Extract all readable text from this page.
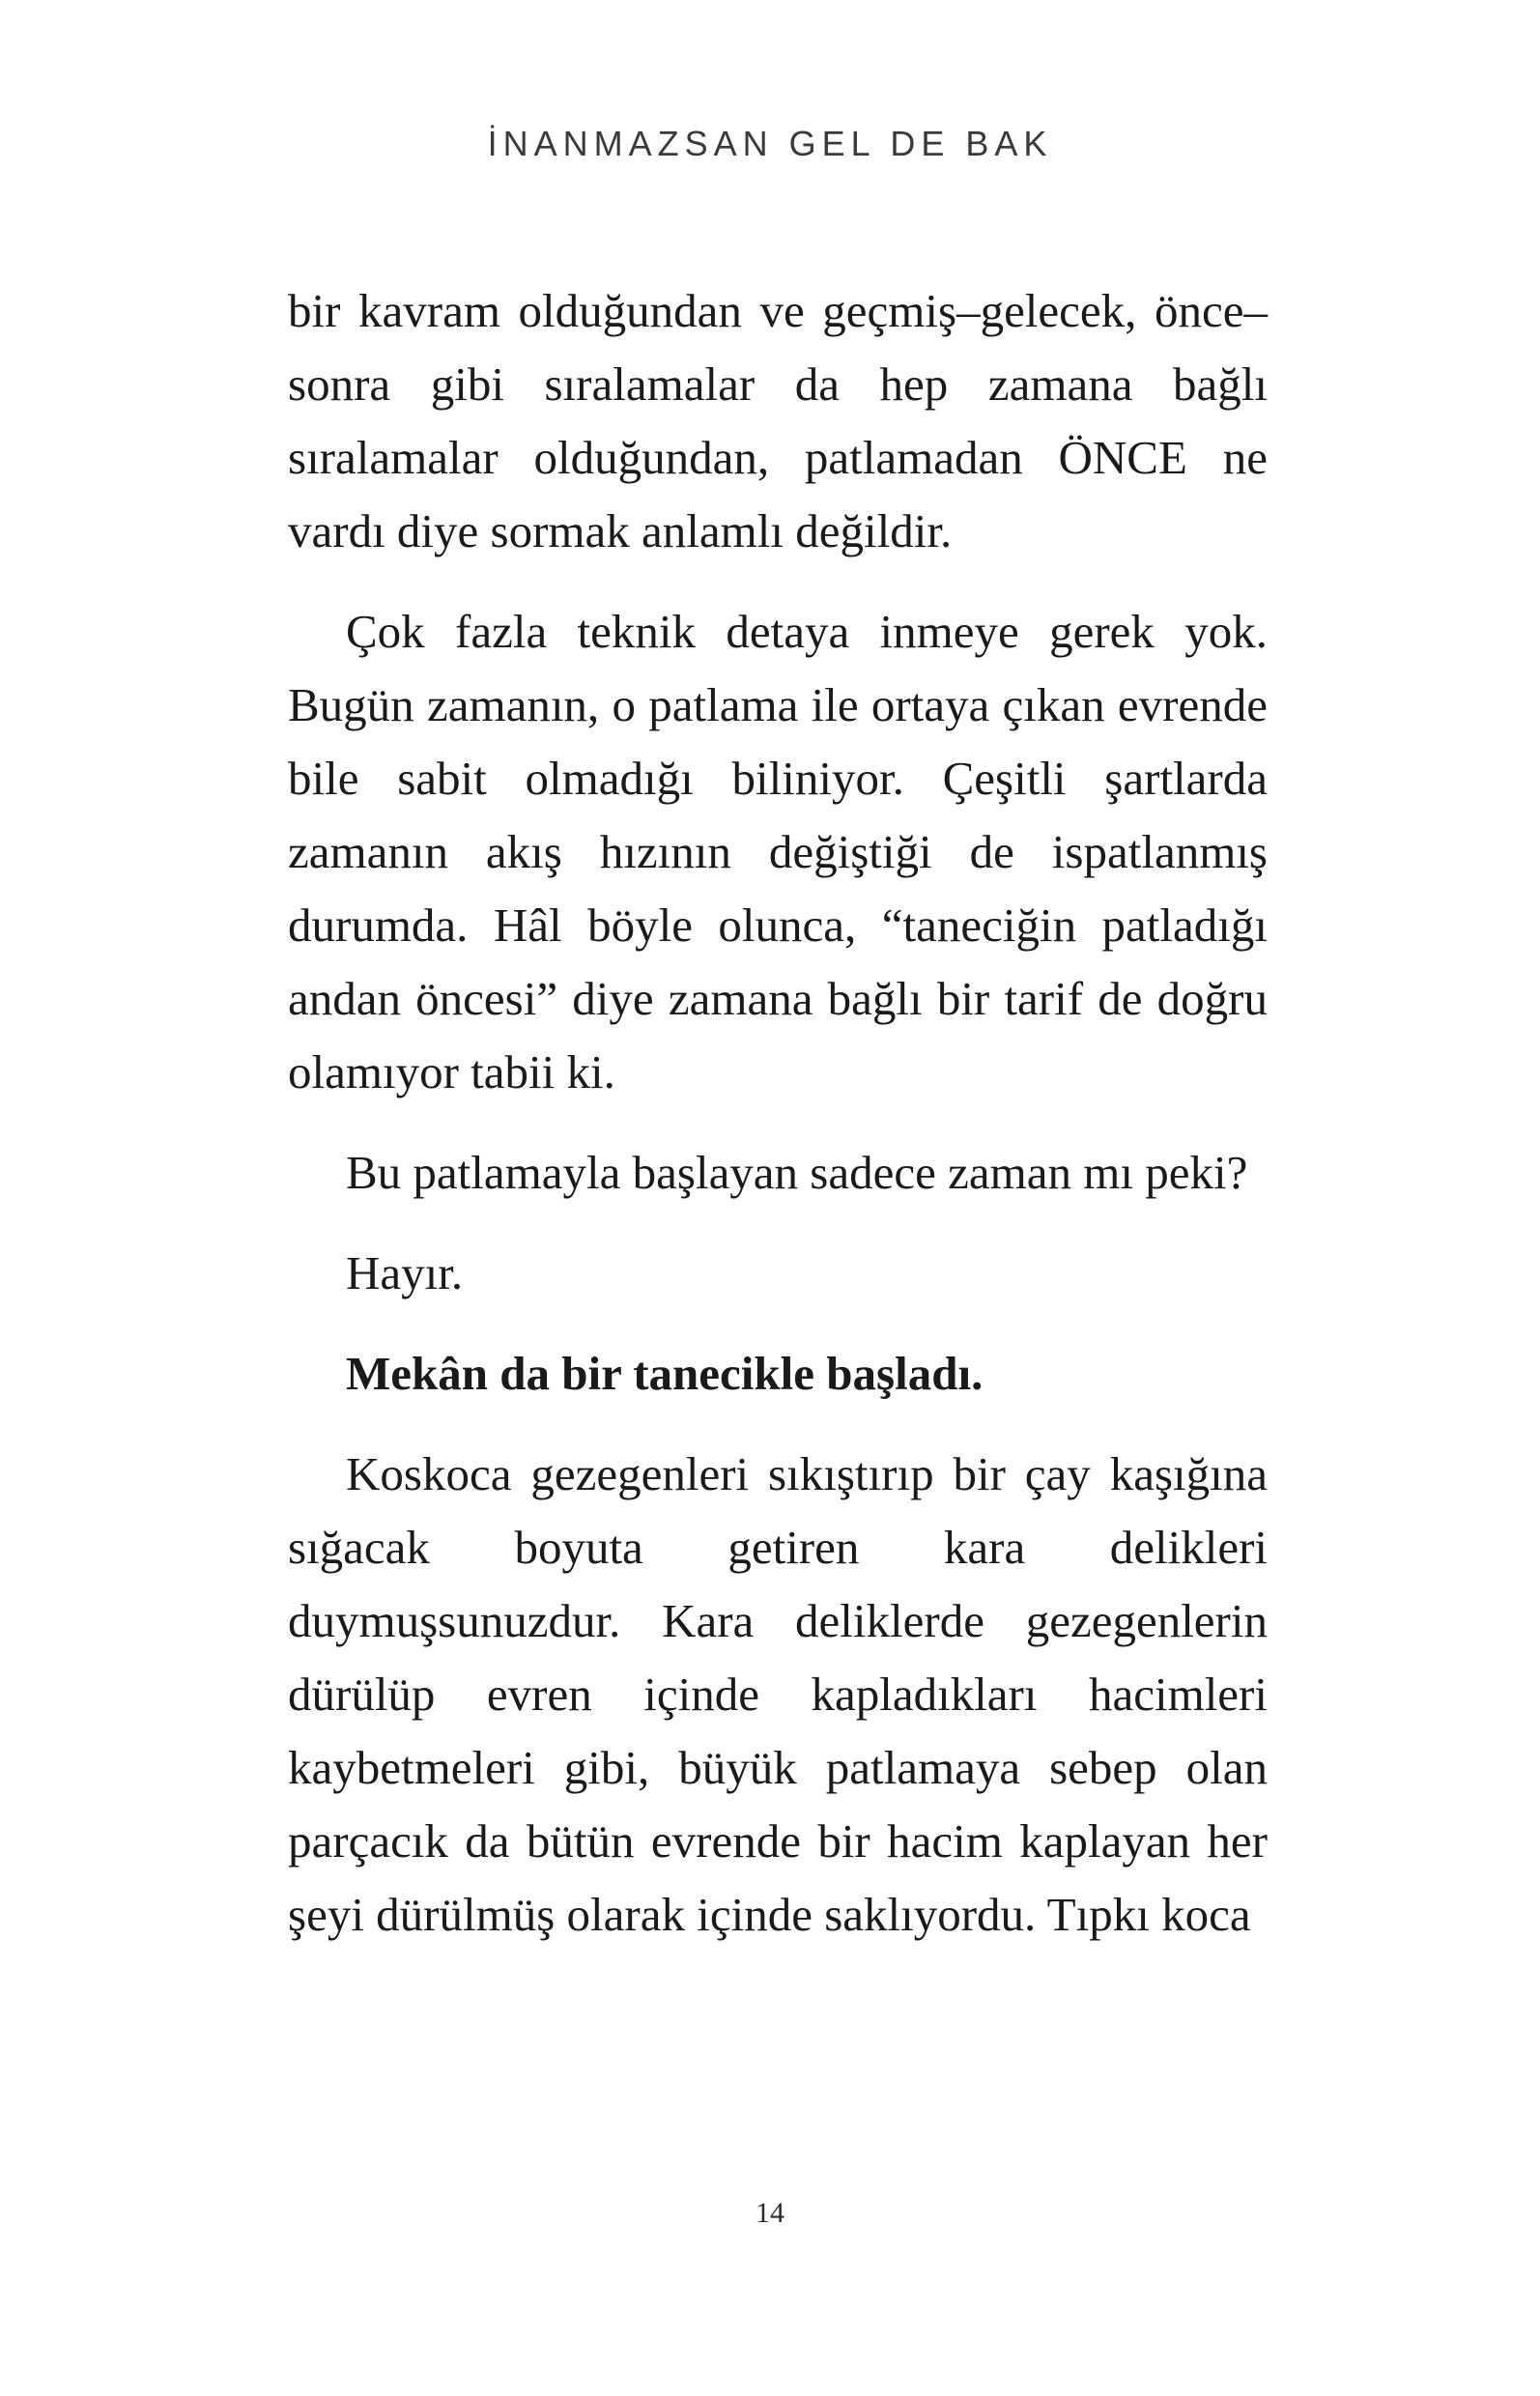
İNANMAZSAN GEL DE BAK

bir kavram olduğundan ve geçmiş–gelecek, önce–sonra gibi sıralamalar da hep zamana bağlı sıralamalar olduğundan, patlamadan ÖNCE ne vardı diye sormak anlamlı değildir.

Çok fazla teknik detaya inmeye gerek yok. Bugün zamanın, o patlama ile ortaya çıkan evrende bile sabit olmadığı biliniyor. Çeşitli şartlarda zamanın akış hızının değiştiği de ispatlanmış durumda. Hâl böyle olunca, “taneciğin patladığı andan öncesi” diye zamana bağlı bir tarif de doğru olamıyor tabii ki.

Bu patlamayla başlayan sadece zaman mı peki?

Hayır.

Mekân da bir tanecikle başladı.

Koskoca gezegenleri sıkıştırıp bir çay kaşığına sığacak boyuta getiren kara delikleri duymuşsunuzdur. Kara deliklerde gezegenlerin dürülüp evren içinde kapladıkları hacimleri kaybetmeleri gibi, büyük patlamaya sebep olan parçacık da bütün evrende bir hacim kaplayan her şeyi dürülmüş olarak içinde saklıyordu. Tıpkı koca

14
